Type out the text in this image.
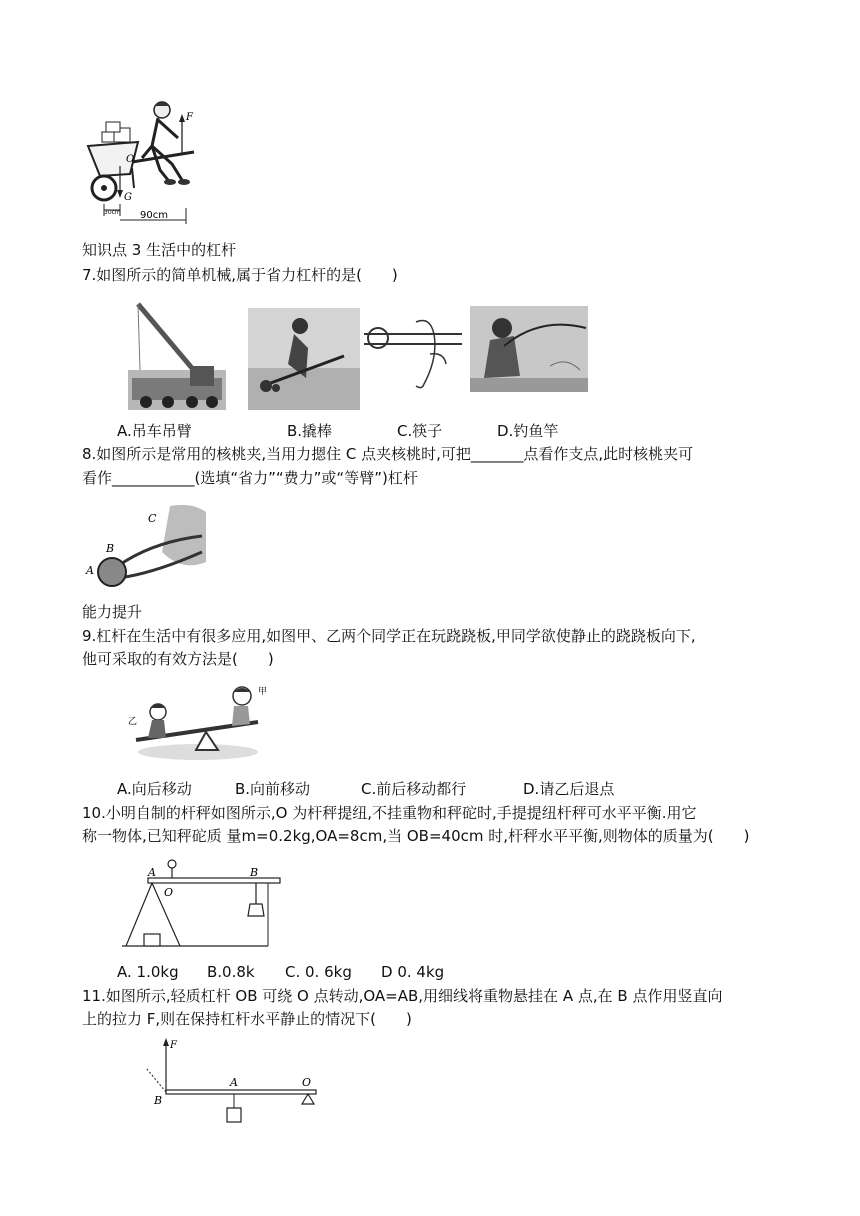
F
O
G
30cm 90cm
知识点 3 生活中的杠杆
7.如图所示的简单机械,属于省力杠杆的是(　　)
A.吊车吊臂	B.撬棒	C.筷子	D.钓鱼竿
8.如图所示是常用的核桃夹,当用力摁住 C 点夹核桃时,可把_______点看作支点,此时核桃夹可
看作___________(选填“省力”“费力”或“等臂”)杠杆
A
B
C
能力提升
9.杠杆在生活中有很多应用,如图甲、乙两个同学正在玩跷跷板,甲同学欲使静止的跷跷板向下,
他可采取的有效方法是(　　)
乙
甲
A.向后移动	B.向前移动	C.前后移动都行	D.请乙后退点
10.小明自制的杆秤如图所示,O 为杆秤提纽,不挂重物和秤砣时,手提提纽杆秤可水平平衡.用它
称一物体,已知秤砣质 量m=0.2kg,OA=8cm,当 OB=40cm 时,杆秤水平平衡,则物体的质量为(　　)
A
O
B
A. 1.0kg B.0.8k C. 0. 6kg D 0. 4kg
11.如图所示,轻质杠杆 OB 可绕 O 点转动,OA=AB,用细线将重物悬挂在 A 点,在 B 点作用竖直向
上的拉力 F,则在保持杠杆水平静止的情况下(　　)
F
B
A	O
